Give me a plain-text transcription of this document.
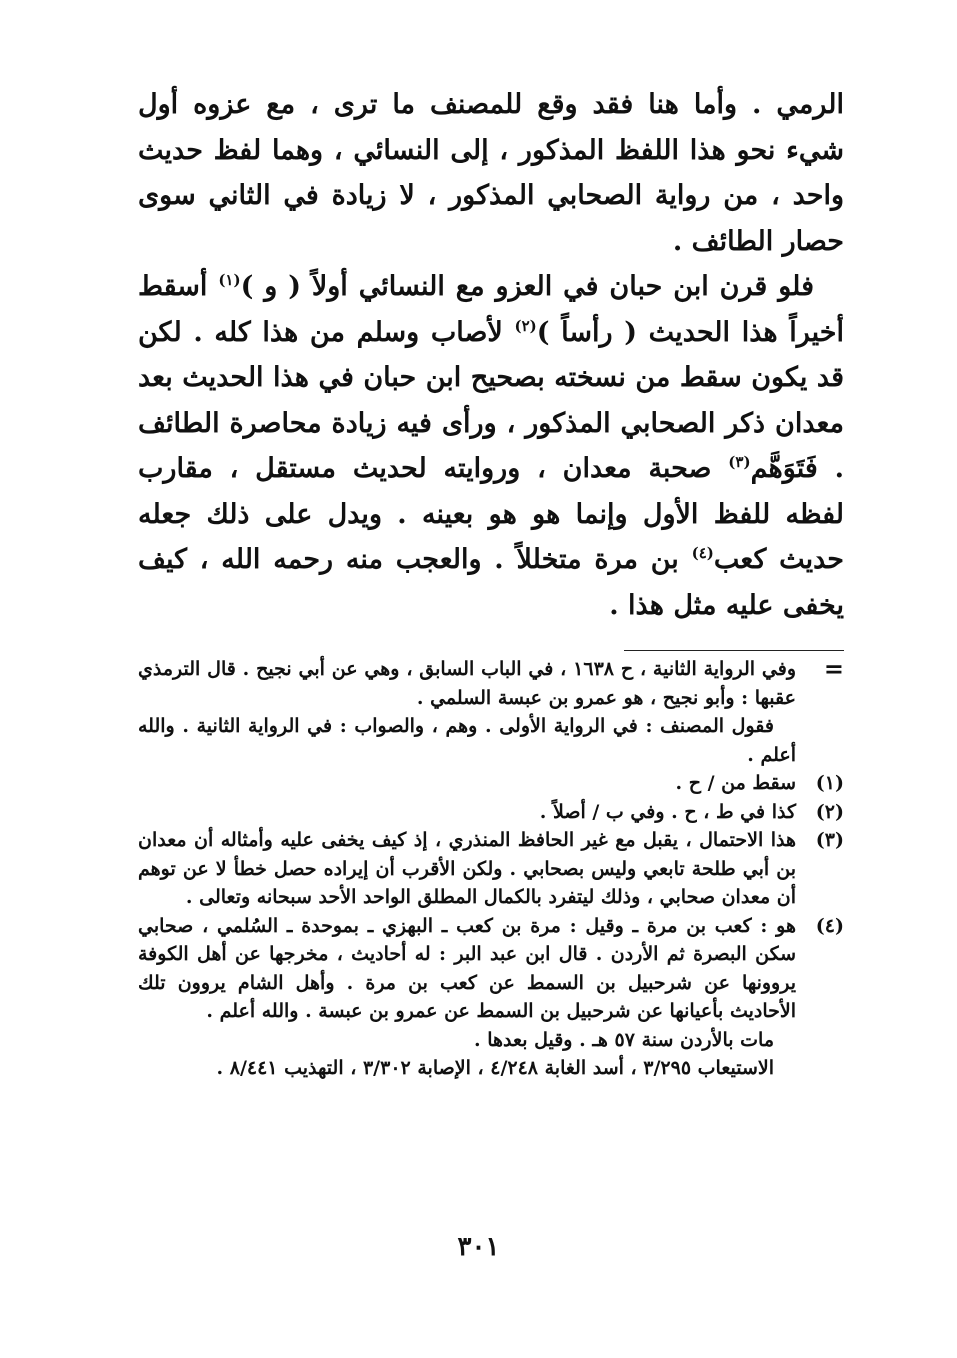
الرمي . وأما هنا فقد وقع للمصنف ما ترى ، مع عزوه أول شيء نحو هذا اللفظ المذكور ، إلى النسائي ، وهما لفظ حديث واحد ، من رواية الصحابي المذكور ، لا زيادة في الثاني سوى حصار الطائف .

فلو قرن ابن حبان في العزو مع النسائي أولاً ( و )$^{(١)}$ أسقط أخيراً هذا الحديث ( رأساً )$^{(٢)}$ لأصاب وسلم من هذا كله . لكن قد يكون سقط من نسخته بصحيح ابن حبان في هذا الحديث بعد معدان ذكر الصحابي المذكور ، ورأى فيه زيادة محاصرة الطائف . فَتَوَهَّم$^{(٣)}$ صحبة معدان ، وروايته لحديث مستقل ، مقارب لفظه للفظ الأول وإنما هو هو بعينه . ويدل على ذلك جعله حديث كعب$^{(٤)}$ بن مرة متخللاً . والعجب منه رحمه الله ، كيف يخفى عليه مثل هذا .

=

وفي الرواية الثانية ، ح ١٦٣٨ ، في الباب السابق ، وهي عن أبي نجيح . قال الترمذي عقبها : وأبو نجيح ، هو عمرو بن عبسة السلمي .

فقول المصنف : في الرواية الأولى . وهم ، والصواب : في الرواية الثانية . والله أعلم .

(١)

سقط من / ح .

(٢)

كذا في ط ، ح . وفي ب / أصلاً .

(٣)

هذا الاحتمال ، يقبل مع غير الحافظ المنذري ، إذ كيف يخفى عليه وأمثاله أن معدان بن أبي طلحة تابعي وليس بصحابي . ولكن الأقرب أن إيراده حصل خطأ لا عن توهم أن معدان صحابي ، وذلك ليتفرد بالكمال المطلق الواحد الأحد سبحانه وتعالى .

(٤)

هو : كعب بن مرة ـ وقيل : مرة بن كعب ـ البهزي ـ بموحدة ـ السُلمي ، صحابي سكن البصرة ثم الأردن . قال ابن عبد البر : له أحاديث ، مخرجها عن أهل الكوفة يروونها عن شرحبيل بن السمط عن كعب بن مرة . وأهل الشام يروون تلك الأحاديث بأعيانها عن شرحبيل بن السمط عن عمرو بن عبسة . والله أعلم .

مات بالأردن سنة ٥٧ هـ . وقيل بعدها .

الاستيعاب ٣/٢٩٥ ، أسد الغابة ٤/٢٤٨ ، الإصابة ٣/٣٠٢ ، التهذيب ٨/٤٤١ .

٣٠١
